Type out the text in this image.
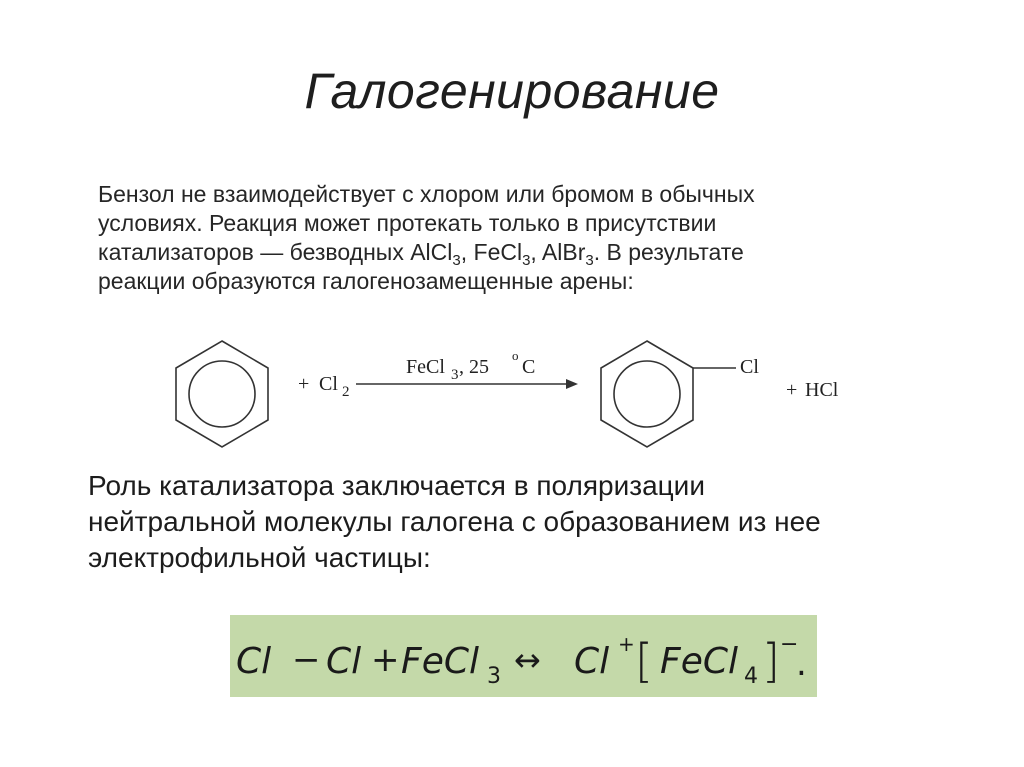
Галогенирование
Бензол не взаимодействует с хлором или бромом в обычных
условиях. Реакция может протекать только в присутствии
катализаторов — безводных AlCl$_3$, FeCl$_3$, AlBr$_3$. В результате
реакции образуются галогенозамещенные арены:
+ Cl 2
FeCl 3 , 25
o
C	Cl
+ HCl
Роль катализатора заключается в поляризации
нейтральной молекулы галогена с образованием из нее
электрофильной частицы:
Cl Cl FeCl	Cl FeCl
− +	3 ↔	+ [	4 ] −
.
